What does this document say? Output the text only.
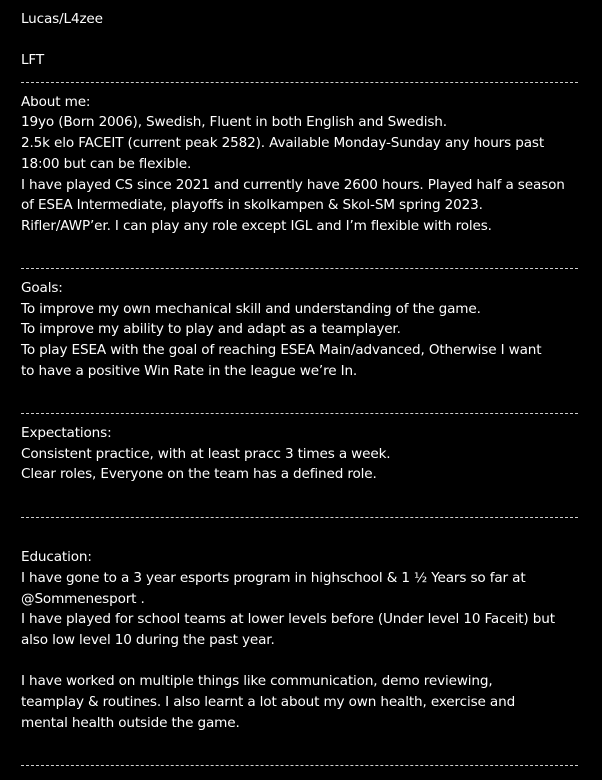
Lucas/L4zee
LFT
About me:
19yo (Born 2006), Swedish, Fluent in both English and Swedish.
2.5k elo FACEIT (current peak 2582). Available Monday-Sunday any hours past
18:00 but can be flexible.
I have played CS since 2021 and currently have 2600 hours. Played half a season
of ESEA Intermediate, playoffs in skolkampen & Skol-SM spring 2023.
Rifler/AWP’er. I can play any role except IGL and I’m flexible with roles.
Goals:
To improve my own mechanical skill and understanding of the game.
To improve my ability to play and adapt as a teamplayer.
To play ESEA with the goal of reaching ESEA Main/advanced, Otherwise I want
to have a positive Win Rate in the league we’re In.
Expectations:
Consistent practice, with at least pracc 3 times a week.
Clear roles, Everyone on the team has a defined role.
Education:
I have gone to a 3 year esports program in highschool & 1 ½ Years so far at
@Sommenesport .
I have played for school teams at lower levels before (Under level 10 Faceit) but
also low level 10 during the past year.
I have worked on multiple things like communication, demo reviewing,
teamplay & routines. I also learnt a lot about my own health, exercise and
mental health outside the game.
